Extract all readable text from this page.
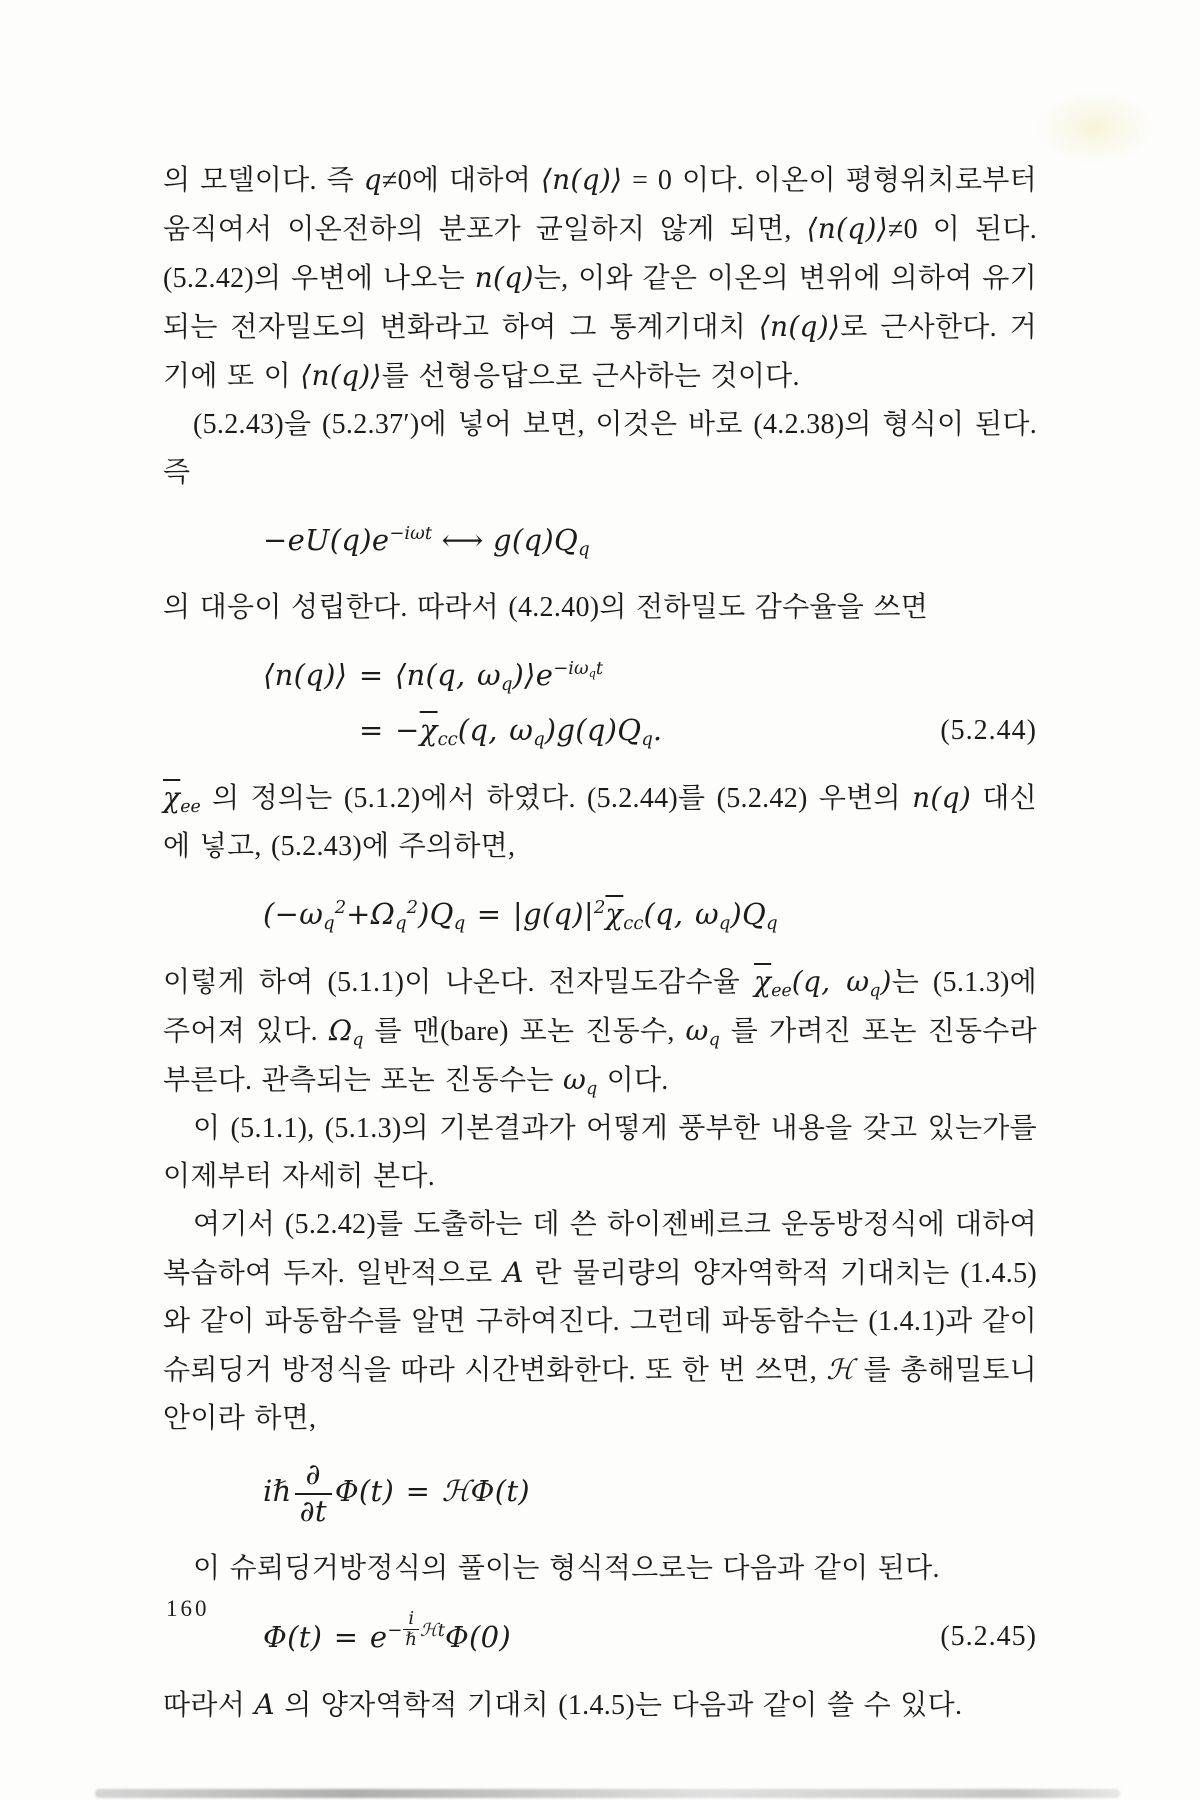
의 모델이다. 즉 q≠0에 대하여 ⟨n(q)⟩ = 0 이다. 이온이 평형위치로부터 움직여서 이온전하의 분포가 균일하지 않게 되면, ⟨n(q)⟩≠0 이 된다. (5.2.42)의 우변에 나오는 n(q)는, 이와 같은 이온의 변위에 의하여 유기되는 전자밀도의 변화라고 하여 그 통계기대치 ⟨n(q)⟩로 근사한다. 거기에 또 이 ⟨n(q)⟩를 선형응답으로 근사하는 것이다.

(5.2.43)을 (5.2.37′)에 넣어 보면, 이것은 바로 (4.2.38)의 형식이 된다. 즉

$-eU(q)e^{-i\omega t}$ ⟷ $g(q)Q_q$

의 대응이 성립한다. 따라서 (4.2.40)의 전하밀도 감수율을 쓰면

⟨n(q)⟩ = ⟨n(q, $\omega_q)⟩e^{-i\omega_qt}$
= $-\overline{\chi}_{cc}(q$, $\omega_q)g(q)Q_q$.	(5.2.44)

$\overline{\chi}_{ee}$ 의 정의는 (5.1.2)에서 하였다. (5.2.44)를 (5.2.42) 우변의 n(q) 대신에 넣고, (5.2.43)에 주의하면,

$(-\omega_q^2+\Omega_q^2)Q_q = |g(q)|^2\overline{\chi}_{cc}(q$, $\omega_q)Q_q$

이렇게 하여 (5.1.1)이 나온다. 전자밀도감수율 $\overline{\chi}_{ee}(q$, $\omega_q$)는 (5.1.3)에 주어져 있다. $\Omega_q$ 를 맨(bare) 포논 진동수, $\omega_q$ 를 가려진 포논 진동수라 부른다. 관측되는 포논 진동수는 $\omega_q$ 이다.

이 (5.1.1), (5.1.3)의 기본결과가 어떻게 풍부한 내용을 갖고 있는가를 이제부터 자세히 본다.

여기서 (5.2.42)를 도출하는 데 쓴 하이젠베르크 운동방정식에 대하여 복습하여 두자. 일반적으로 A 란 물리량의 양자역학적 기대치는 (1.4.5)와 같이 파동함수를 알면 구하여진다. 그런데 파동함수는 (1.4.1)과 같이 슈뢰딩거 방정식을 따라 시간변화한다. 또 한 번 쓰면, ℋ 를 총해밀토니안이라 하면,

iℏ $\frac{\partial}{\partial t} \Phi(t)$ = ℋΦ(t)

이 슈뢰딩거방정식의 풀이는 형식적으로는 다음과 같이 된다.

$\Phi(t) = e^{- \frac{i}{\text{ℏ}} ℋt}\Phi(0)$	(5.2.45)

따라서 A 의 양자역학적 기대치 (1.4.5)는 다음과 같이 쓸 수 있다.

160
